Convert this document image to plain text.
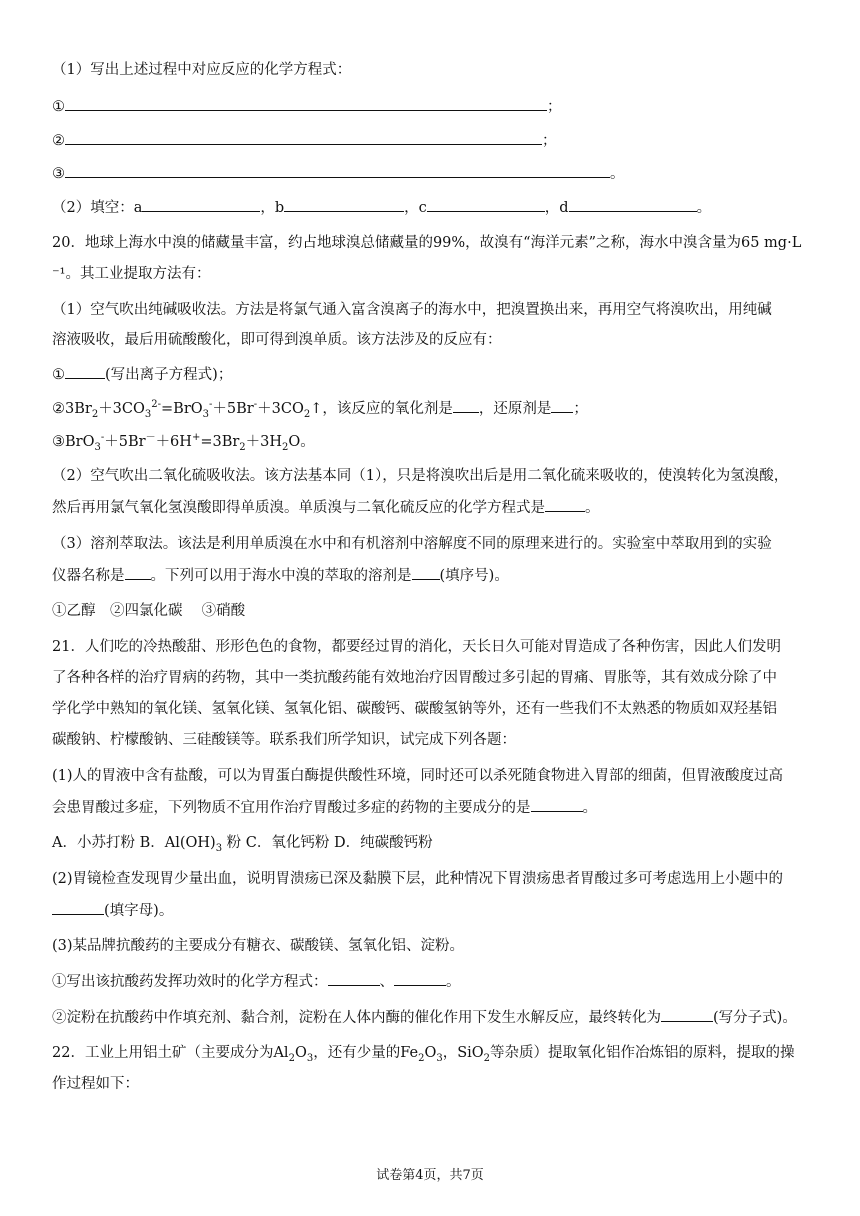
（1）写出上述过程中对应反应的化学方程式：
①	；
②	；
③	。
（2）填空：a	，b	，c	，d	。
20．地球上海水中溴的储藏量丰富，约占地球溴总储藏量的99%，故溴有“海洋元素”之称，海水中溴含量为65 mg·L
⁻¹。其工业提取方法有：
（1）空气吹出纯碱吸收法。方法是将氯气通入富含溴离子的海水中，把溴置换出来，再用空气将溴吹出，用纯碱
溶液吸收，最后用硫酸酸化，即可得到溴单质。该方法涉及的反应有：
①	(写出离子方程式)；
$②3Br_2+3CO_3^{2-}=BrO_3^-+5Br^-+3CO_2↑$，该反应的氧化剂是 ，还原剂是 ；
$③BrO_3^-+5Br^-+6H^+=3Br_2+3H_2O$。
（2）空气吹出二氧化硫吸收法。该方法基本同（1），只是将溴吹出后是用二氧化硫来吸收的，使溴转化为氢溴酸，
然后再用氯气氧化氢溴酸即得单质溴。单质溴与二氧化硫反应的化学方程式是	。
（3）溶剂萃取法。该法是利用单质溴在水中和有机溶剂中溶解度不同的原理来进行的。实验室中萃取用到的实验
仪器名称是 。下列可以用于海水中溴的萃取的溶剂是 (填序号)。
①乙醇　②四氯化碳　 ③硝酸
21．人们吃的冷热酸甜、形形色色的食物，都要经过胃的消化，天长日久可能对胃造成了各种伤害，因此人们发明
了各种各样的治疗胃病的药物，其中一类抗酸药能有效地治疗因胃酸过多引起的胃痛、胃胀等，其有效成分除了中
学化学中熟知的氧化镁、氢氧化镁、氢氧化铝、碳酸钙、碳酸氢钠等外，还有一些我们不太熟悉的物质如双羟基铝
碳酸钠、柠檬酸钠、三硅酸镁等。联系我们所学知识，试完成下列各题：
(1)人的胃液中含有盐酸，可以为胃蛋白酶提供酸性环境，同时还可以杀死随食物进入胃部的细菌，但胃液酸度过高
会患胃酸过多症，下列物质不宜用作治疗胃酸过多症的药物的主要成分的是	。
A．小苏打粉 B．$Al(OH)_3$ 粉 C．氧化钙粉 D．纯碳酸钙粉
(2)胃镜检查发现胃少量出血，说明胃溃疡已深及黏膜下层，此种情况下胃溃疡患者胃酸过多可考虑选用上小题中的
(填字母)。
(3)某品牌抗酸药的主要成分有糖衣、碳酸镁、氢氧化铝、淀粉。
①写出该抗酸药发挥功效时的化学方程式：	、	。
②淀粉在抗酸药中作填充剂、黏合剂，淀粉在人体内酶的催化作用下发生水解反应，最终转化为	(写分子式)。
22．工业上用铝土矿（主要成分为$Al_2O_3$，还有少量的$Fe_2O_3$，SiO$_2$等杂质）提取氧化铝作冶炼铝的原料，提取的操
作过程如下：
试卷第4页，共7页
